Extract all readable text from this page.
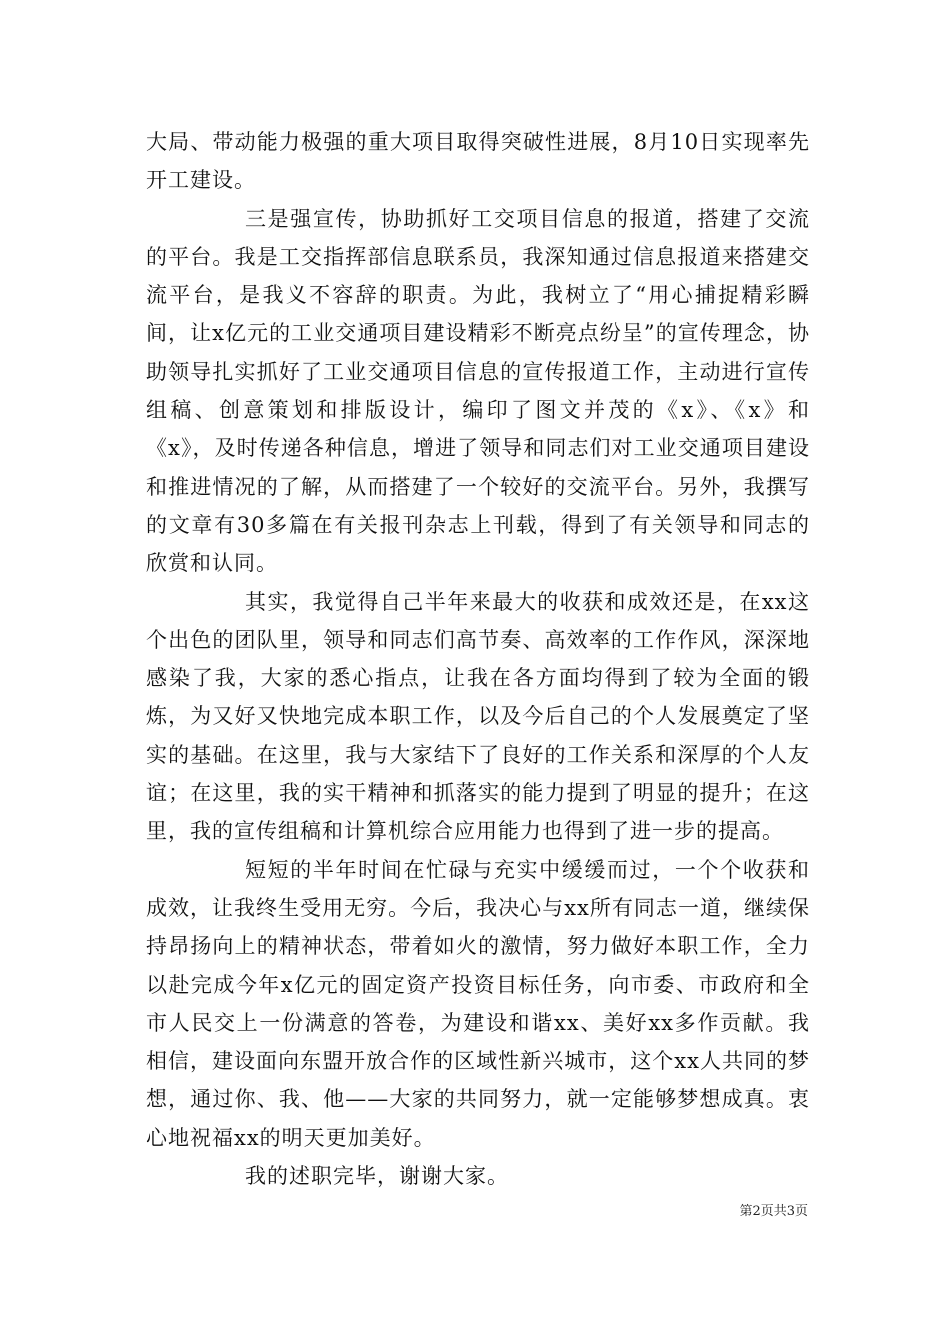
大局、带动能力极强的重大项目取得突破性进展，8月10日实现率先开工建设。

三是强宣传，协助抓好工交项目信息的报道，搭建了交流的平台。我是工交指挥部信息联系员，我深知通过信息报道来搭建交流平台，是我义不容辞的职责。为此，我树立了“用心捕捉精彩瞬间，让x亿元的工业交通项目建设精彩不断亮点纷呈”的宣传理念，协助领导扎实抓好了工业交通项目信息的宣传报道工作，主动进行宣传组稿、创意策划和排版设计，编印了图文并茂的《x》、《x》和《x》，及时传递各种信息，增进了领导和同志们对工业交通项目建设和推进情况的了解，从而搭建了一个较好的交流平台。另外，我撰写的文章有30多篇在有关报刊杂志上刊载，得到了有关领导和同志的欣赏和认同。

其实，我觉得自己半年来最大的收获和成效还是，在xx这个出色的团队里，领导和同志们高节奏、高效率的工作作风，深深地感染了我，大家的悉心指点，让我在各方面均得到了较为全面的锻炼，为又好又快地完成本职工作，以及今后自己的个人发展奠定了坚实的基础。在这里，我与大家结下了良好的工作关系和深厚的个人友谊；在这里，我的实干精神和抓落实的能力提到了明显的提升；在这里，我的宣传组稿和计算机综合应用能力也得到了进一步的提高。

短短的半年时间在忙碌与充实中缓缓而过，一个个收获和成效，让我终生受用无穷。今后，我决心与xx所有同志一道，继续保持昂扬向上的精神状态，带着如火的激情，努力做好本职工作，全力以赴完成今年x亿元的固定资产投资目标任务，向市委、市政府和全市人民交上一份满意的答卷，为建设和谐xx、美好xx多作贡献。我相信，建设面向东盟开放合作的区域性新兴城市，这个xx人共同的梦想，通过你、我、他——大家的共同努力，就一定能够梦想成真。衷心地祝福xx的明天更加美好。

我的述职完毕，谢谢大家。

第2页共3页
